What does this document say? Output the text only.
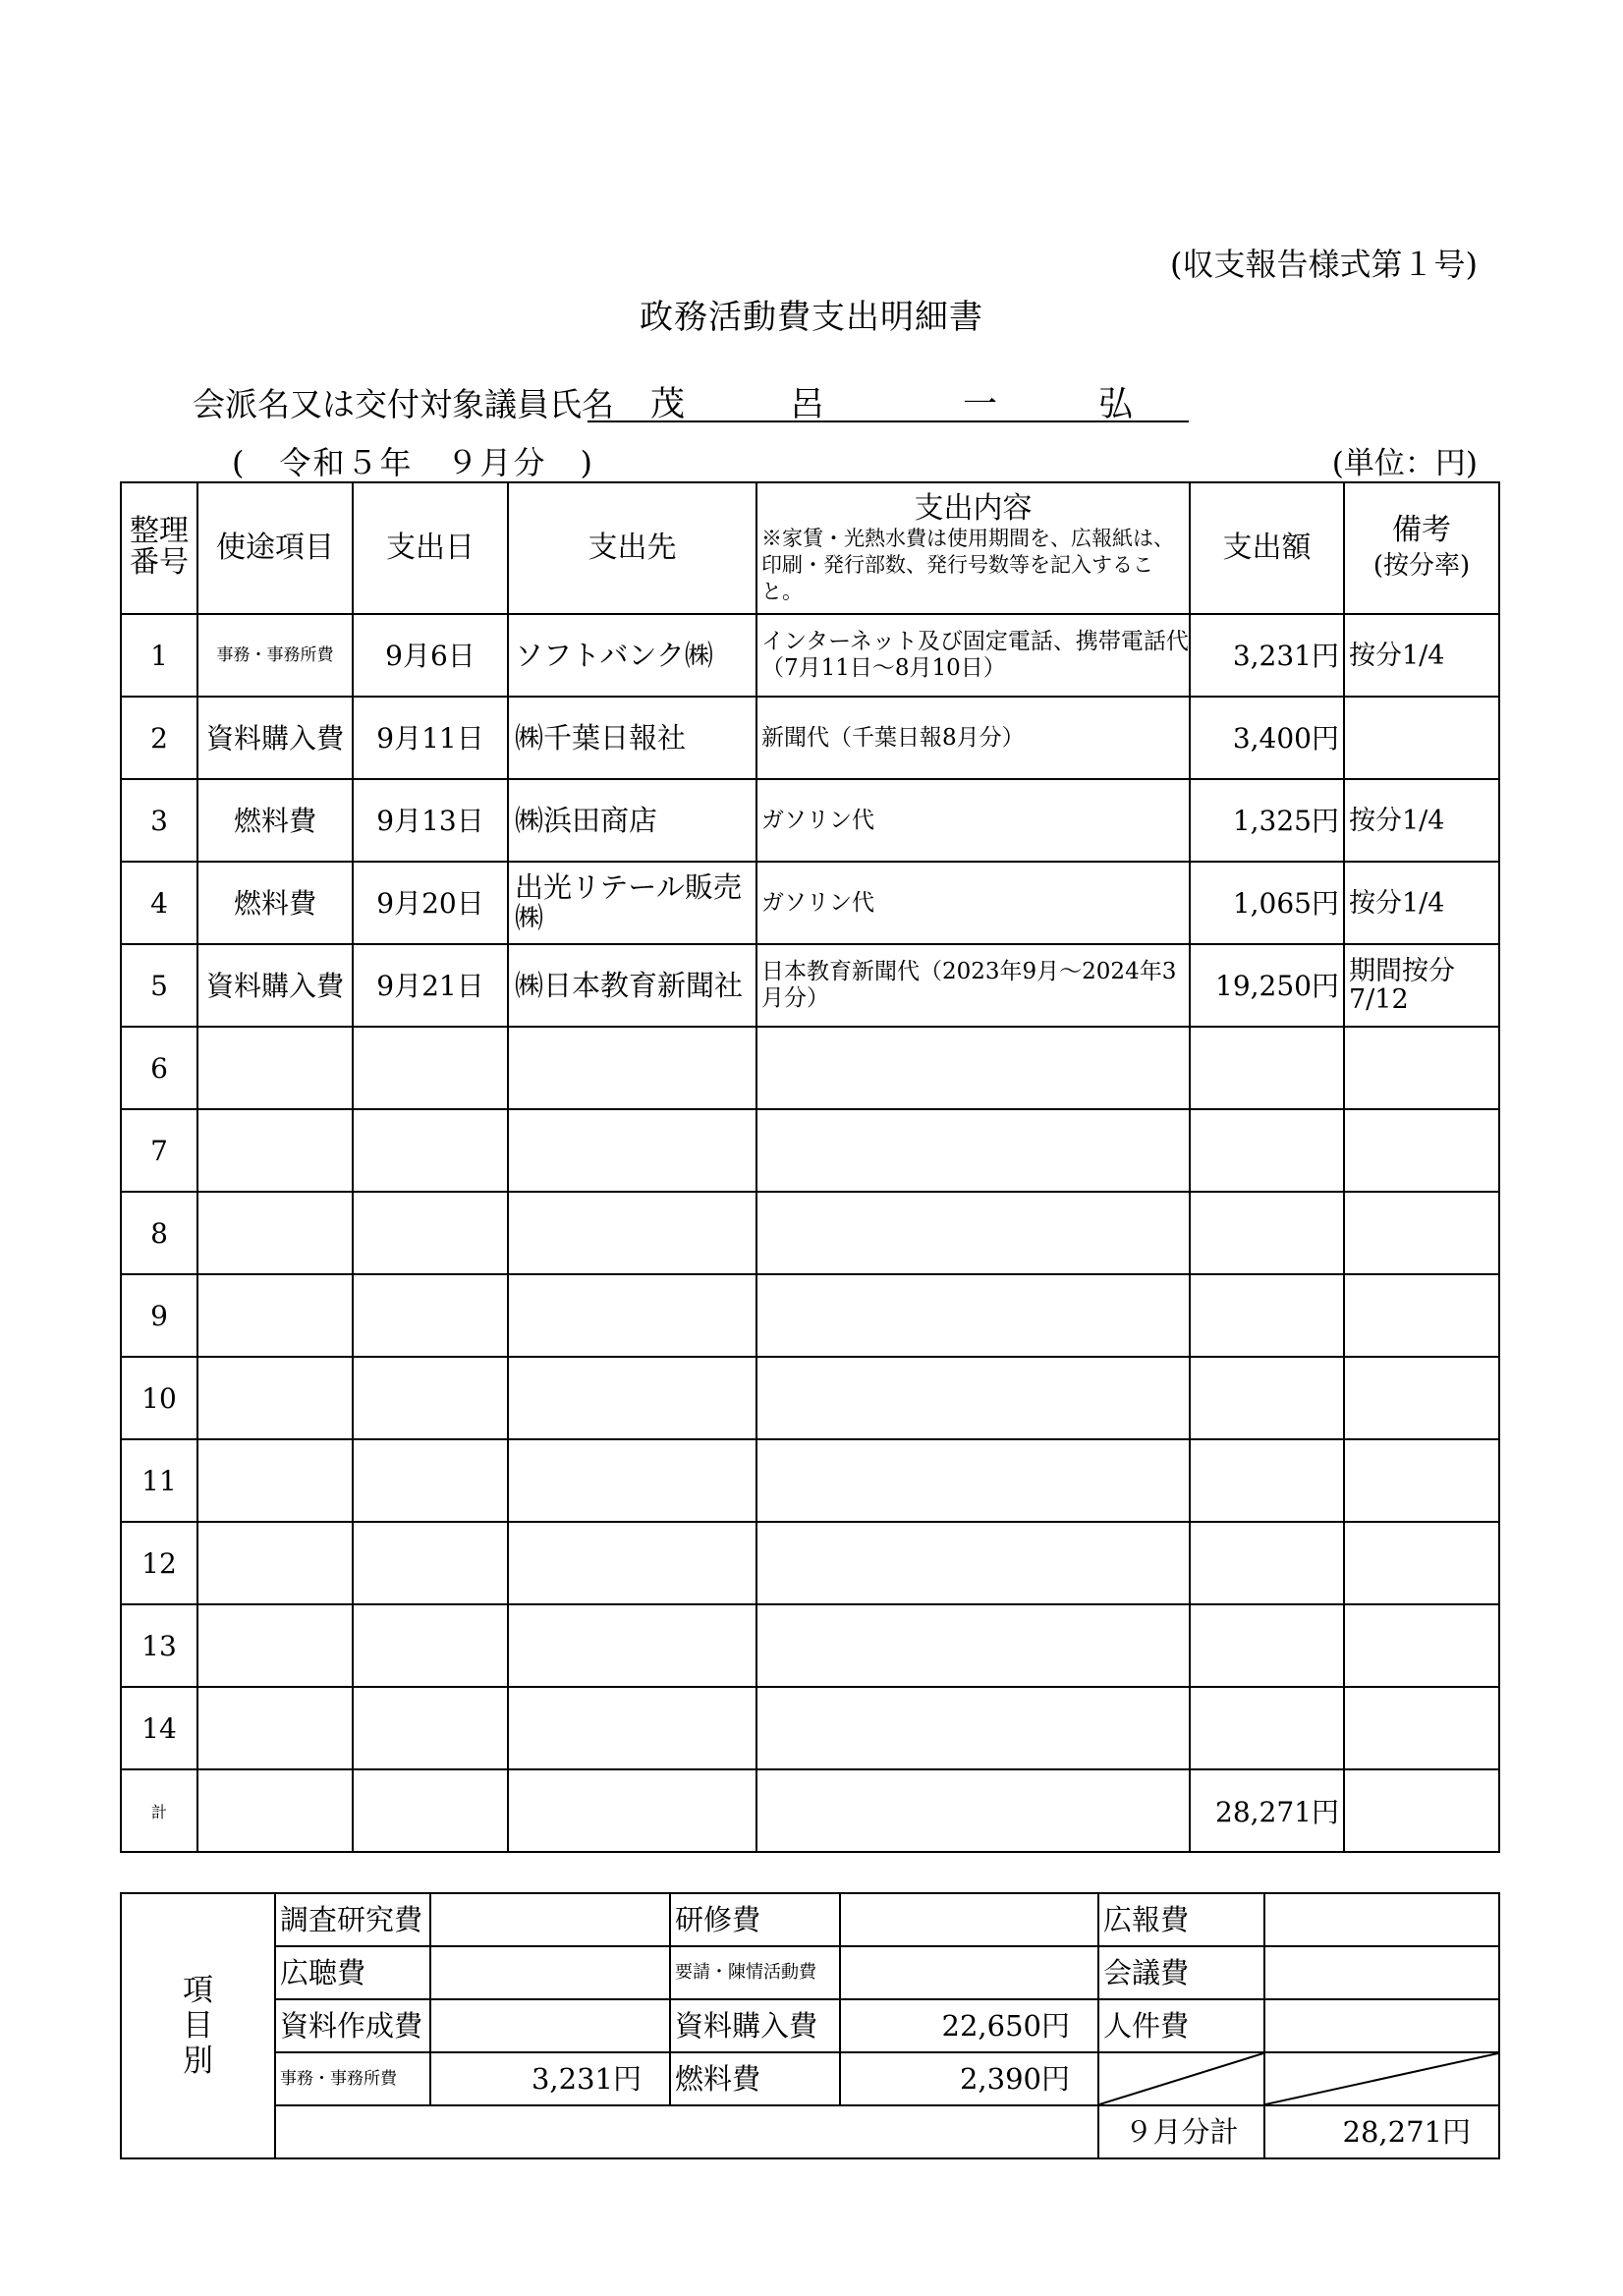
(収支報告様式第１号)
政務活動費支出明細書
会派名又は交付対象議員氏名 茂	呂	一	弘
(　令和５年　９月分　)	(単位：円)
整理番号	使途項目	支出日	支出先	支出内容
※家賃・光熱水費は使用期間を、広報紙は、印刷・発行部数、発行号数等を記入すること。	支出額	備考
(按分率)

1	事務・事務所費	9月6日	ソフトバンク㈱	インターネット及び固定電話、携帯電話代（7月11日～8月10日）	3,231円	按分1/4
2	資料購入費	9月11日	㈱千葉日報社	新聞代（千葉日報8月分）	3,400円	
3	燃料費	9月13日	㈱浜田商店	ガソリン代	1,325円	按分1/4
4	燃料費	9月20日	出光リテール販売㈱	ガソリン代	1,065円	按分1/4
5	資料購入費	9月21日	㈱日本教育新聞社	日本教育新聞代（2023年9月～2024年3月分）	19,250円	期間按分 7/12
6						
7						
8						
9						
10						
11						
12						
13						
14						
計					28,271円	
項
目
別	調査研究費		研修費		広報費	
	広聴費		要請・陳情活動費		会議費	
	資料作成費		資料購入費	22,650円	人件費	
	事務・事務所費	3,231円	燃料費	2,390円	

					９月分計	28,271円
